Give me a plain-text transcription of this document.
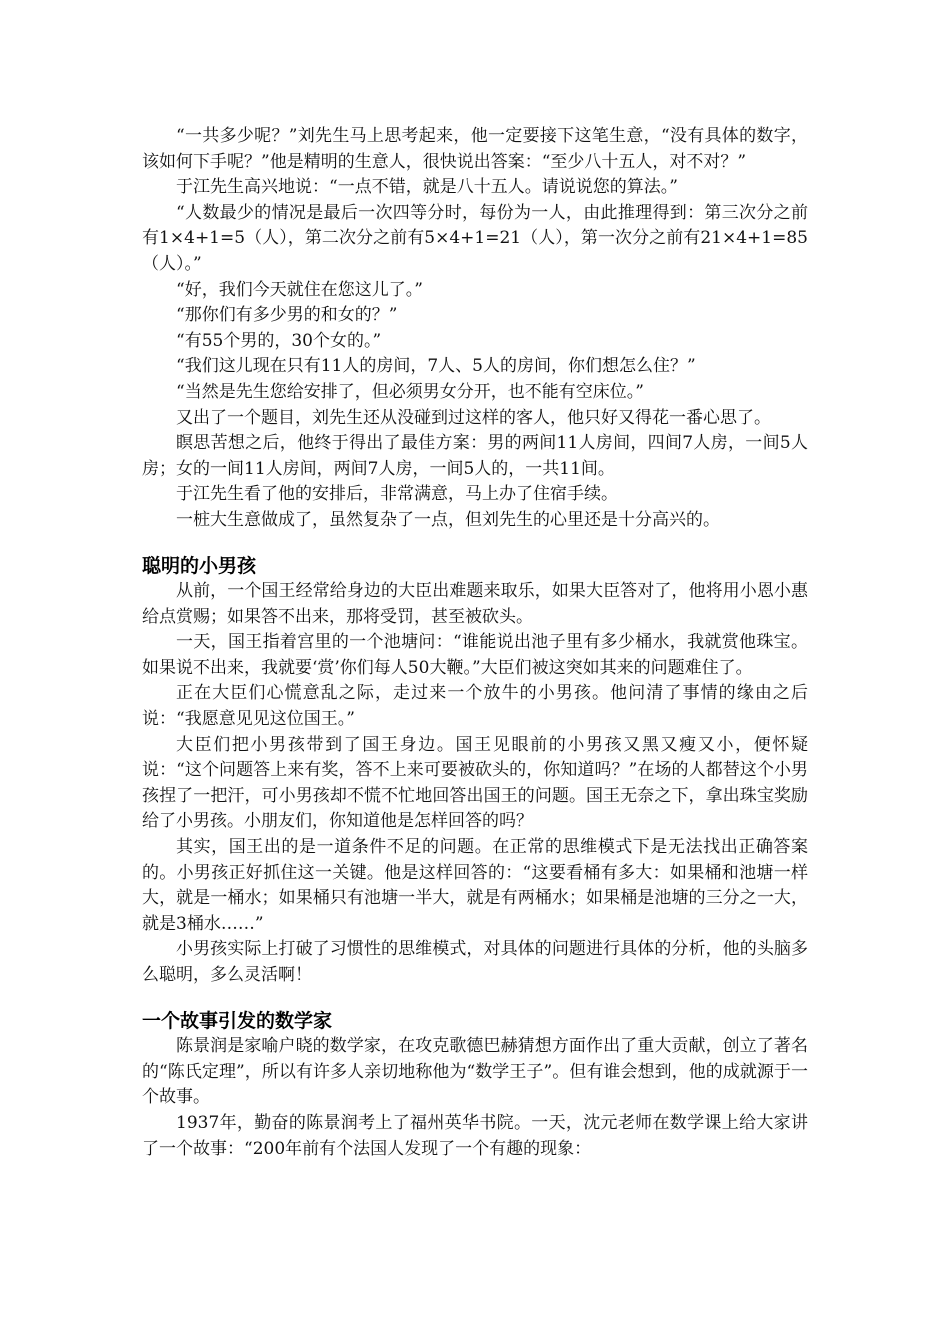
“一共多少呢？”刘先生马上思考起来，他一定要接下这笔生意，“没有具体的数字，该如何下手呢？”他是精明的生意人，很快说出答案：“至少八十五人，对不对？”

于江先生高兴地说：“一点不错，就是八十五人。请说说您的算法。”

“人数最少的情况是最后一次四等分时，每份为一人，由此推理得到：第三次分之前有1×4+1=5（人），第二次分之前有5×4+1=21（人），第一次分之前有21×4+1=85（人）。”

“好，我们今天就住在您这儿了。”

“那你们有多少男的和女的？”

“有55个男的，30个女的。”

“我们这儿现在只有11人的房间，7人、5人的房间，你们想怎么住？”

“当然是先生您给安排了，但必须男女分开，也不能有空床位。”

又出了一个题目，刘先生还从没碰到过这样的客人，他只好又得花一番心思了。

瞑思苦想之后，他终于得出了最佳方案：男的两间11人房间，四间7人房，一间5人房；女的一间11人房间，两间7人房，一间5人的，一共11间。

于江先生看了他的安排后，非常满意，马上办了住宿手续。

一桩大生意做成了，虽然复杂了一点，但刘先生的心里还是十分高兴的。

聪明的小男孩

从前，一个国王经常给身边的大臣出难题来取乐，如果大臣答对了，他将用小恩小惠给点赏赐；如果答不出来，那将受罚，甚至被砍头。

一天，国王指着宫里的一个池塘问：“谁能说出池子里有多少桶水，我就赏他珠宝。如果说不出来，我就要‘赏’你们每人50大鞭。”大臣们被这突如其来的问题难住了。

正在大臣们心慌意乱之际，走过来一个放牛的小男孩。他问清了事情的缘由之后说：“我愿意见见这位国王。”

大臣们把小男孩带到了国王身边。国王见眼前的小男孩又黑又瘦又小，便怀疑说：“这个问题答上来有奖，答不上来可要被砍头的，你知道吗？”在场的人都替这个小男孩捏了一把汗，可小男孩却不慌不忙地回答出国王的问题。国王无奈之下，拿出珠宝奖励给了小男孩。小朋友们，你知道他是怎样回答的吗？

其实，国王出的是一道条件不足的问题。在正常的思维模式下是无法找出正确答案的。小男孩正好抓住这一关键。他是这样回答的：“这要看桶有多大：如果桶和池塘一样大，就是一桶水；如果桶只有池塘一半大，就是有两桶水；如果桶是池塘的三分之一大，就是3桶水……”

小男孩实际上打破了习惯性的思维模式，对具体的问题进行具体的分析，他的头脑多么聪明，多么灵活啊！

一个故事引发的数学家

陈景润是家喻户晓的数学家，在攻克歌德巴赫猜想方面作出了重大贡献，创立了著名的“陈氏定理”，所以有许多人亲切地称他为“数学王子”。但有谁会想到，他的成就源于一个故事。

1937年，勤奋的陈景润考上了福州英华书院。一天，沈元老师在数学课上给大家讲了一个故事：“200年前有个法国人发现了一个有趣的现象：
